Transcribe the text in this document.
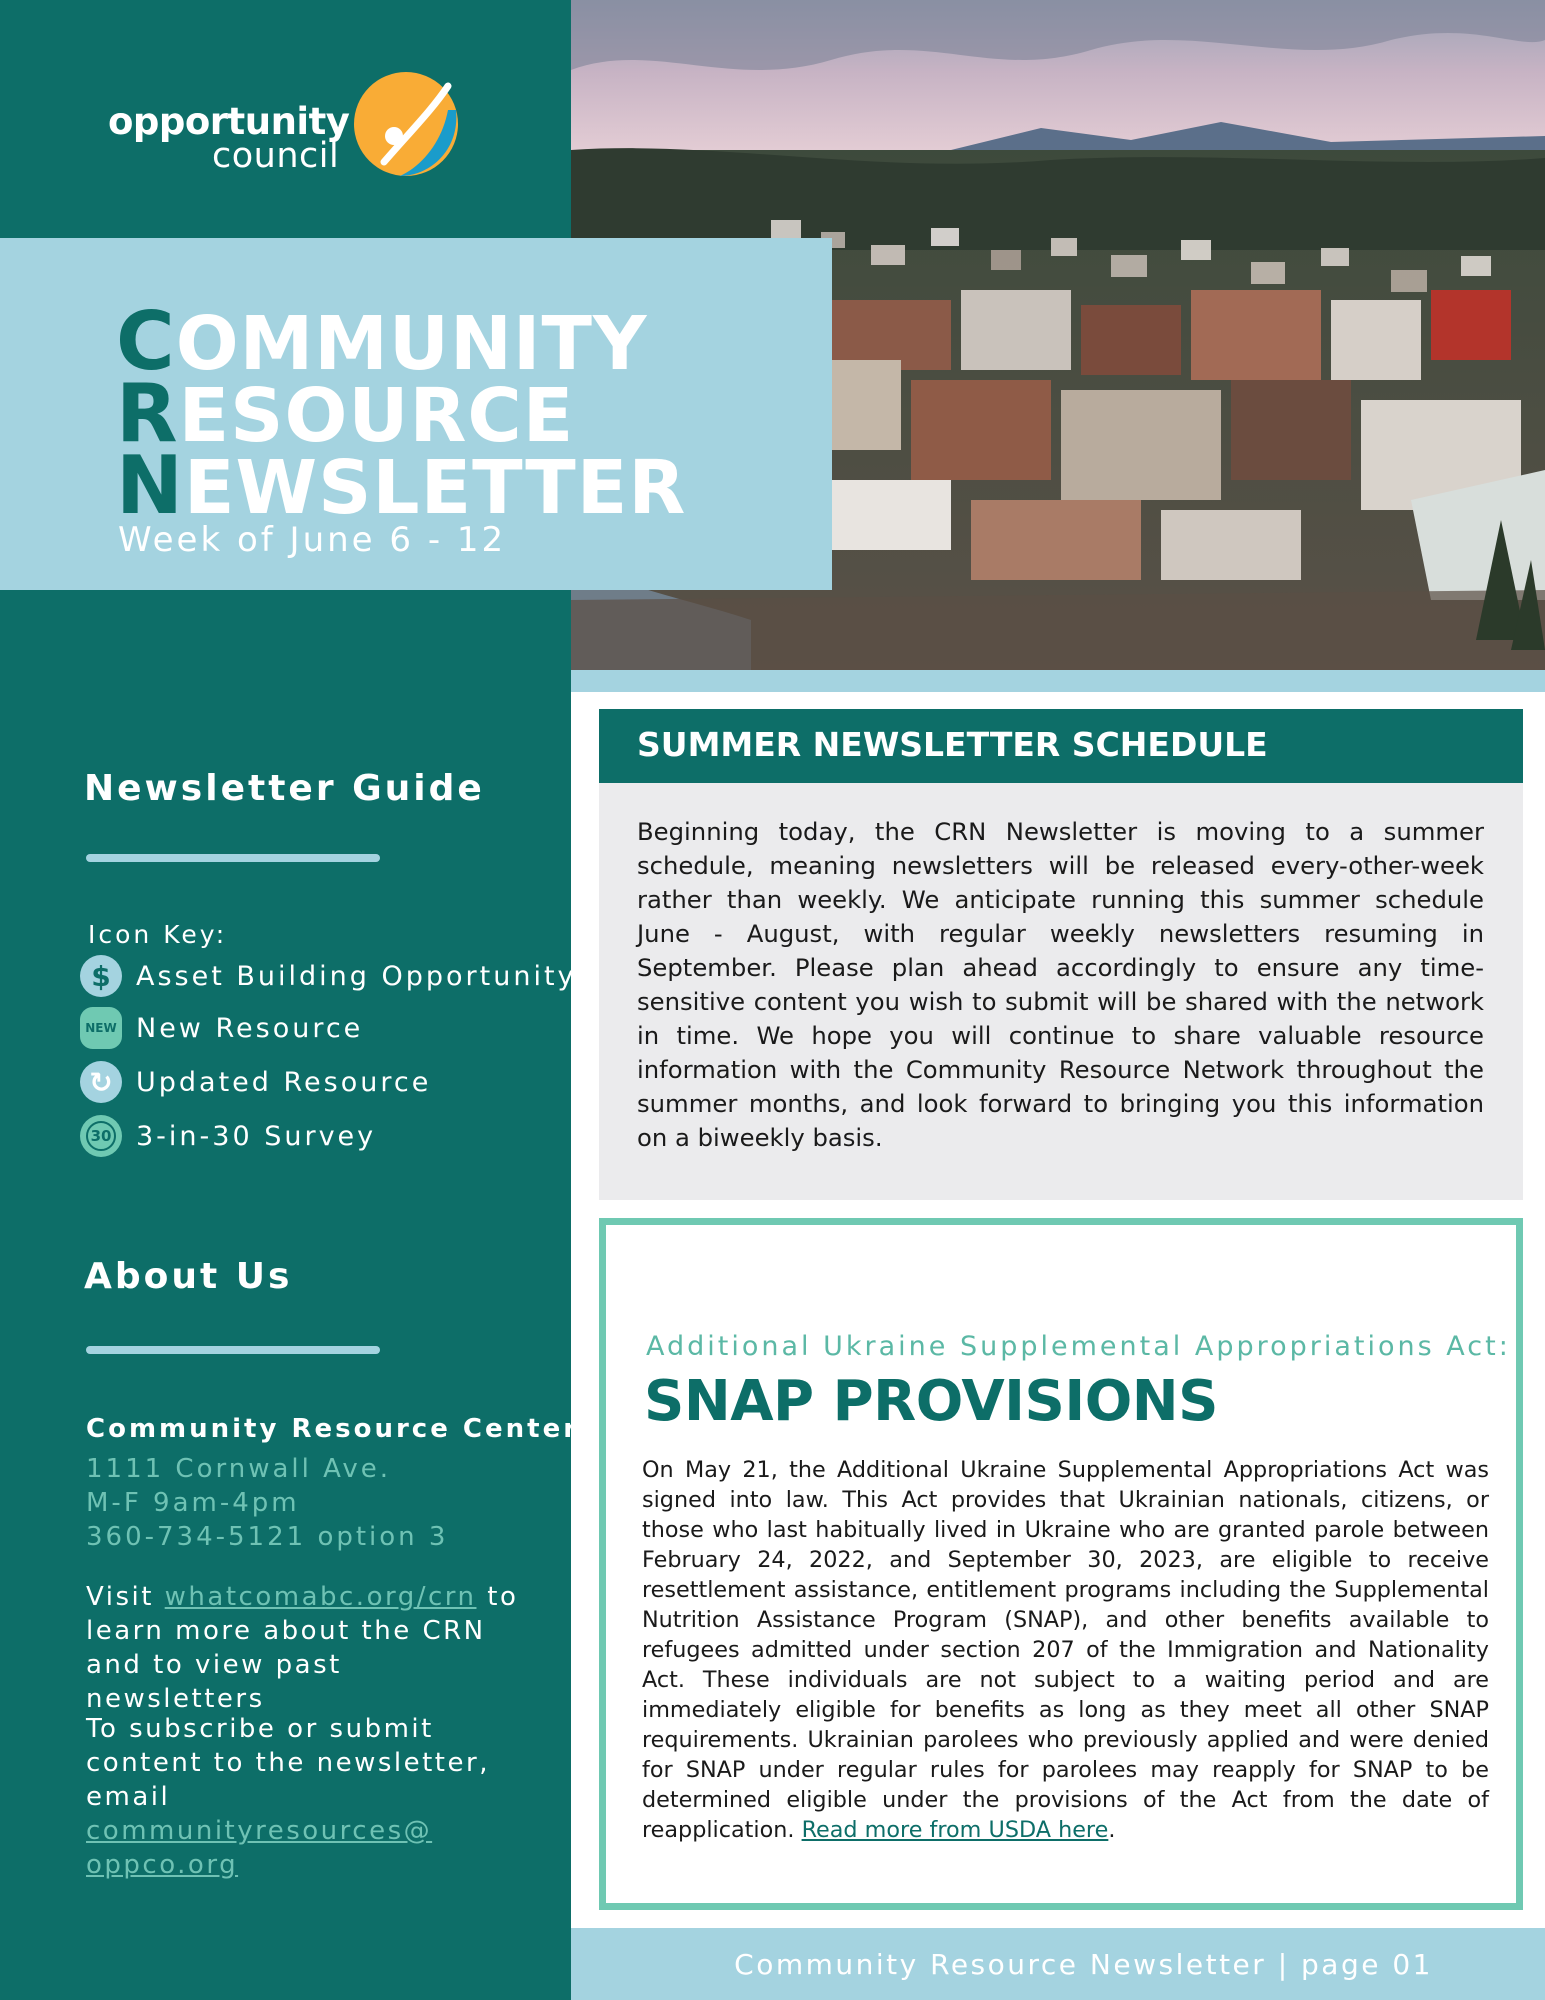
opportunity
council
Newsletter Guide
Icon Key:
$ Asset Building Opportunity
NEW New Resource
↻ Updated Resource
30 3-in-30 Survey
About Us
Community Resource Center
1111 Cornwall Ave.
M-F 9am-4pm
360-734-5121 option 3
Visit whatcomabc.org/crn to learn more about the CRN and to view past newsletters
To subscribe or submit content to the newsletter, email communityresources@ oppco.org
COMMUNITY
RESOURCE
NEWSLETTER
Week of June 6 - 12
SUMMER NEWSLETTER SCHEDULE

Beginning today, the CRN Newsletter is moving to a summer schedule, meaning newsletters will be released every-other-week rather than weekly. We anticipate running this summer schedule June - August, with regular weekly newsletters resuming in September. Please plan ahead accordingly to ensure any time-sensitive content you wish to submit will be shared with the network in time. We hope you will continue to share valuable resource information with the Community Resource Network throughout the summer months, and look forward to bringing you this information on a biweekly basis.

Additional Ukraine Supplemental Appropriations Act:
SNAP PROVISIONS

On May 21, the Additional Ukraine Supplemental Appropriations Act was signed into law. This Act provides that Ukrainian nationals, citizens, or those who last habitually lived in Ukraine who are granted parole between February 24, 2022, and September 30, 2023, are eligible to receive resettlement assistance, entitlement programs including the Supplemental Nutrition Assistance Program (SNAP), and other benefits available to refugees admitted under section 207 of the Immigration and Nationality Act. These individuals are not subject to a waiting period and are immediately eligible for benefits as long as they meet all other SNAP requirements. Ukrainian parolees who previously applied and were denied for SNAP under regular rules for parolees may reapply for SNAP to be determined eligible under the provisions of the Act from the date of reapplication. Read more from USDA here.

Community Resource Newsletter | page 01
